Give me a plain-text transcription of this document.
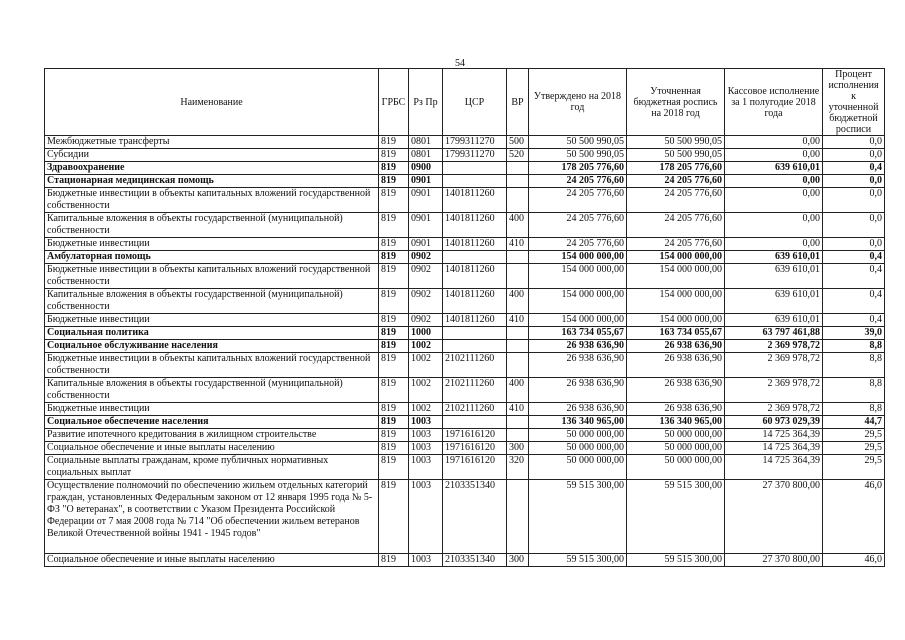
54
Наименование	ГРБС	Рз Пр	ЦСР	ВР	Утверждено на 2018 год	Уточненная бюджетная роспись на 2018 год	Кассовое исполнение за 1 полугодие 2018 года	Процент исполнения к уточненной бюджетной росписи
Межбюджетные трансферты	819	0801	1799311270	500	50 500 990,05	50 500 990,05	0,00	0,0
Субсидии	819	0801	1799311270	520	50 500 990,05	50 500 990,05	0,00	0,0
Здравоохранение	819	0900			178 205 776,60	178 205 776,60	639 610,01	0,4
Стационарная медицинская помощь	819	0901			24 205 776,60	24 205 776,60	0,00	0,0
Бюджетные инвестиции в объекты капитальных вложений государственной собственности	819	0901	1401811260		24 205 776,60	24 205 776,60	0,00	0,0
Капитальные вложения в объекты государственной (муниципальной) собственности	819	0901	1401811260	400	24 205 776,60	24 205 776,60	0,00	0,0
Бюджетные инвестиции	819	0901	1401811260	410	24 205 776,60	24 205 776,60	0,00	0,0
Амбулаторная помощь	819	0902			154 000 000,00	154 000 000,00	639 610,01	0,4
Бюджетные инвестиции в объекты капитальных вложений государственной собственности	819	0902	1401811260		154 000 000,00	154 000 000,00	639 610,01	0,4
Капитальные вложения в объекты государственной (муниципальной) собственности	819	0902	1401811260	400	154 000 000,00	154 000 000,00	639 610,01	0,4
Бюджетные инвестиции	819	0902	1401811260	410	154 000 000,00	154 000 000,00	639 610,01	0,4
Социальная политика	819	1000			163 734 055,67	163 734 055,67	63 797 461,88	39,0
Социальное обслуживание населения	819	1002			26 938 636,90	26 938 636,90	2 369 978,72	8,8
Бюджетные инвестиции в объекты капитальных вложений государственной собственности	819	1002	2102111260		26 938 636,90	26 938 636,90	2 369 978,72	8,8
Капитальные вложения в объекты государственной (муниципальной) собственности	819	1002	2102111260	400	26 938 636,90	26 938 636,90	2 369 978,72	8,8
Бюджетные инвестиции	819	1002	2102111260	410	26 938 636,90	26 938 636,90	2 369 978,72	8,8
Социальное обеспечение населения	819	1003			136 340 965,00	136 340 965,00	60 973 029,39	44,7
Развитие ипотечного кредитования в жилищном строительстве	819	1003	1971616120		50 000 000,00	50 000 000,00	14 725 364,39	29,5
Социальное обеспечение и иные выплаты населению	819	1003	1971616120	300	50 000 000,00	50 000 000,00	14 725 364,39	29,5
Социальные выплаты гражданам, кроме публичных нормативных социальных выплат	819	1003	1971616120	320	50 000 000,00	50 000 000,00	14 725 364,39	29,5
Осуществление полномочий по обеспечению жильем отдельных категорий граждан, установленных Федеральным законом от 12 января 1995 года № 5-ФЗ "О ветеранах", в соответствии с Указом Президента Российской Федерации от 7 мая 2008 года № 714 "Об обеспечении жильем ветеранов Великой Отечественной войны 1941 - 1945 годов"	819	1003	2103351340		59 515 300,00	59 515 300,00	27 370 800,00	46,0
Социальное обеспечение и иные выплаты населению	819	1003	2103351340	300	59 515 300,00	59 515 300,00	27 370 800,00	46,0
